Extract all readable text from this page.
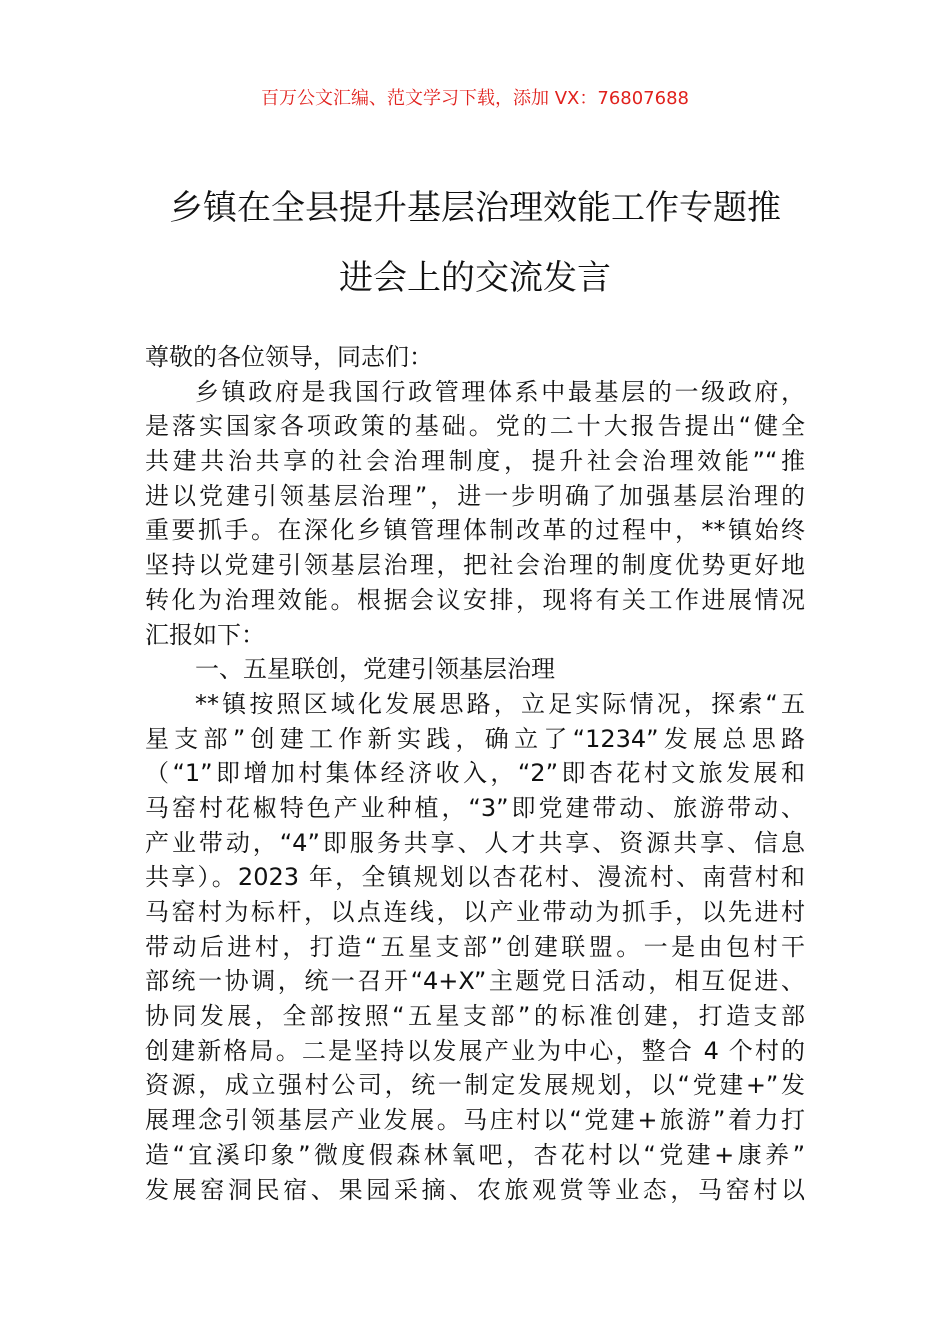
百万公文汇编、范文学习下载，添加 VX：76807688
乡镇在全县提升基层治理效能工作专题推
进会上的交流发言
尊敬的各位领导，同志们：
乡镇政府是我国行政管理体系中最基层的一级政府，
是落实国家各项政策的基础。党的二十大报告提出“健全
共建共治共享的社会治理制度，提升社会治理效能”“推
进以党建引领基层治理”，进一步明确了加强基层治理的
重要抓手。在深化乡镇管理体制改革的过程中，**镇始终
坚持以党建引领基层治理，把社会治理的制度优势更好地
转化为治理效能。根据会议安排，现将有关工作进展情况
汇报如下：
一、五星联创，党建引领基层治理
**镇按照区域化发展思路，立足实际情况，探索“五
星支部”创建工作新实践，确立了“1234”发展总思路
（“1”即增加村集体经济收入，“2”即杏花村文旅发展和
马窑村花椒特色产业种植，“3”即党建带动、旅游带动、
产业带动，“4”即服务共享、人才共享、资源共享、信息
共享）。2023 年，全镇规划以杏花村、漫流村、南营村和
马窑村为标杆，以点连线，以产业带动为抓手，以先进村
带动后进村，打造“五星支部”创建联盟。一是由包村干
部统一协调，统一召开“4+X”主题党日活动，相互促进、
协同发展，全部按照“五星支部”的标准创建，打造支部
创建新格局。二是坚持以发展产业为中心，整合 4 个村的
资源，成立强村公司，统一制定发展规划，以“党建+”发
展理念引领基层产业发展。马庄村以“党建+旅游”着力打
造“宜溪印象”微度假森林氧吧，杏花村以“党建+康养”
发展窑洞民宿、果园采摘、农旅观赏等业态，马窑村以
